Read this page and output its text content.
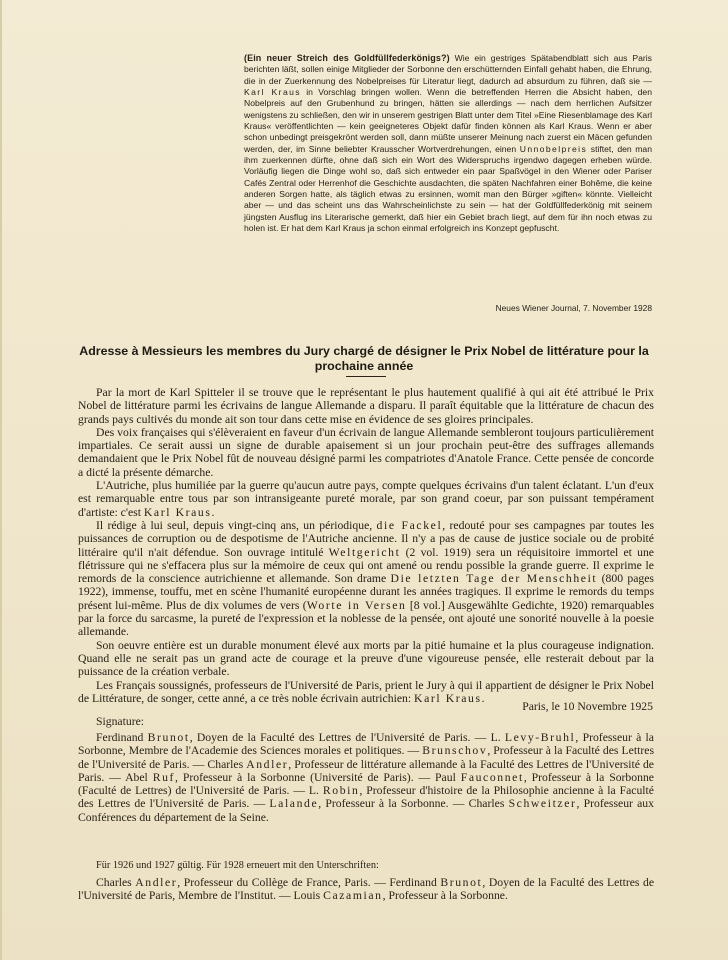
(Ein neuer Streich des Goldfüllfederkönigs?) Wie ein gestriges Spätabendblatt sich aus Paris berichten läßt, sollen einige Mitglieder der Sorbonne den erschütternden Einfall gehabt haben, die Ehrung, die in der Zuerkennung des Nobelpreises für Literatur liegt, dadurch ad absurdum zu führen, daß sie — Karl Kraus in Vorschlag bringen wollen. Wenn die betreffenden Herren die Absicht haben, den Nobelpreis auf den Grubenhund zu bringen, hätten sie allerdings — nach dem herrlichen Aufsitzer wenigstens zu schließen, den wir in unserem gestrigen Blatt unter dem Titel »Eine Riesenblamage des Karl Kraus« veröffentlichten — kein geeigneteres Objekt dafür finden können als Karl Kraus. Wenn er aber schon unbedingt preisgekrönt werden soll, dann müßte unserer Meinung nach zuerst ein Mäcen gefunden werden, der, im Sinne beliebter Krausscher Wortverdrehungen, einen Unnobelpreis stiftet, den man ihm zuerkennen dürfte, ohne daß sich ein Wort des Widerspruchs irgendwo dagegen erheben würde. Vorläufig liegen die Dinge wohl so, daß sich entweder ein paar Spaßvögel in den Wiener oder Pariser Cafés Zentral oder Herrenhof die Geschichte ausdachten, die späten Nachfahren einer Bohême, die keine anderen Sorgen hatte, als täglich etwas zu ersinnen, womit man den Bürger »giften« könnte. Vielleicht aber — und das scheint uns das Wahrscheinlichste zu sein — hat der Goldfüllfederkönig mit seinem jüngsten Ausflug ins Literarische gemerkt, daß hier ein Gebiet brach liegt, auf dem für ihn noch etwas zu holen ist. Er hat dem Karl Kraus ja schon einmal erfolgreich ins Konzept gepfuscht.
Neues Wiener Journal, 7. November 1928
Adresse à Messieurs les membres du Jury chargé de désigner le Prix Nobel de littérature pour la prochaine année

Par la mort de Karl Spitteler il se trouve que le représentant le plus hautement qualifié à qui ait été attribué le Prix Nobel de littérature parmi les écrivains de langue Allemande a disparu. Il paraît équitable que la littérature de chacun des grands pays cultivés du monde ait son tour dans cette mise en évidence de ses gloires principales.

Des voix françaises qui s'élèveraient en faveur d'un écrivain de langue Allemande sembleront toujours particulièrement impartiales. Ce serait aussi un signe de durable apaisement si un jour prochain peut-être des suffrages allemands demandaient que le Prix Nobel fût de nouveau désigné parmi les compatriotes d'Anatole France. Cette pensée de concorde a dicté la présente démarche.

L'Autriche, plus humiliée par la guerre qu'aucun autre pays, compte quelques écrivains d'un talent éclatant. L'un d'eux est remarquable entre tous par son intransigeante pureté morale, par son grand coeur, par son puissant tempérament d'artiste: c'est Karl Kraus.

Il rédige à lui seul, depuis vingt-cinq ans, un périodique, die Fackel, redouté pour ses campagnes par toutes les puissances de corruption ou de despotisme de l'Autriche ancienne. Il n'y a pas de cause de justice sociale ou de probité littéraire qu'il n'ait défendue. Son ouvrage intitulé Weltgericht (2 vol. 1919) sera un réquisitoire immortel et une flétrissure qui ne s'effacera plus sur la mémoire de ceux qui ont amené ou rendu possible la grande guerre. Il exprime le remords de la conscience autrichienne et allemande. Son drame Die letzten Tage der Menschheit (800 pages 1922), immense, touffu, met en scène l'humanité européenne durant les années tragiques. Il exprime le remords du temps présent lui-même. Plus de dix volumes de vers (Worte in Versen [8 vol.] Ausgewählte Gedichte, 1920) remarquables par la force du sarcasme, la pureté de l'expression et la noblesse de la pensée, ont ajouté une sonorité nouvelle à la poesie allemande.

Son oeuvre entière est un durable monument élevé aux morts par la pitié humaine et la plus courageuse indignation. Quand elle ne serait pas un grand acte de courage et la preuve d'une vigoureuse pensée, elle resterait debout par la puissance de la création verbale.

Les Français soussignés, professeurs de l'Université de Paris, prient le Jury à qui il appartient de désigner le Prix Nobel de Littérature, de songer, cette anné, a ce très noble écrivain autrichien: Karl Kraus.

Paris, le 10 Novembre 1925
Signature:

Ferdinand Brunot, Doyen de la Faculté des Lettres de l'Université de Paris. — L. Levy-Bruhl, Professeur à la Sorbonne, Membre de l'Academie des Sciences morales et politiques. — Brunschov, Professeur à la Faculté des Lettres de l'Université de Paris. — Charles Andler, Professeur de littérature allemande à la Faculté des Lettres de l'Université de Paris. — Abel Ruf, Professeur à la Sorbonne (Université de Paris). — Paul Fauconnet, Professeur à la Sorbonne (Faculté de Lettres) de l'Université de Paris. — L. Robin, Professeur d'histoire de la Philosophie ancienne à la Faculté des Lettres de l'Université de Paris. — Lalande, Professeur à la Sorbonne. — Charles Schweitzer, Professeur aux Conférences du département de la Seine.

Für 1926 und 1927 gültig. Für 1928 erneuert mit den Unterschriften:

Charles Andler, Professeur du Collège de France, Paris. — Ferdinand Brunot, Doyen de la Faculté des Lettres de l'Université de Paris, Membre de l'Institut. — Louis Cazamian, Professeur à la Sorbonne.
